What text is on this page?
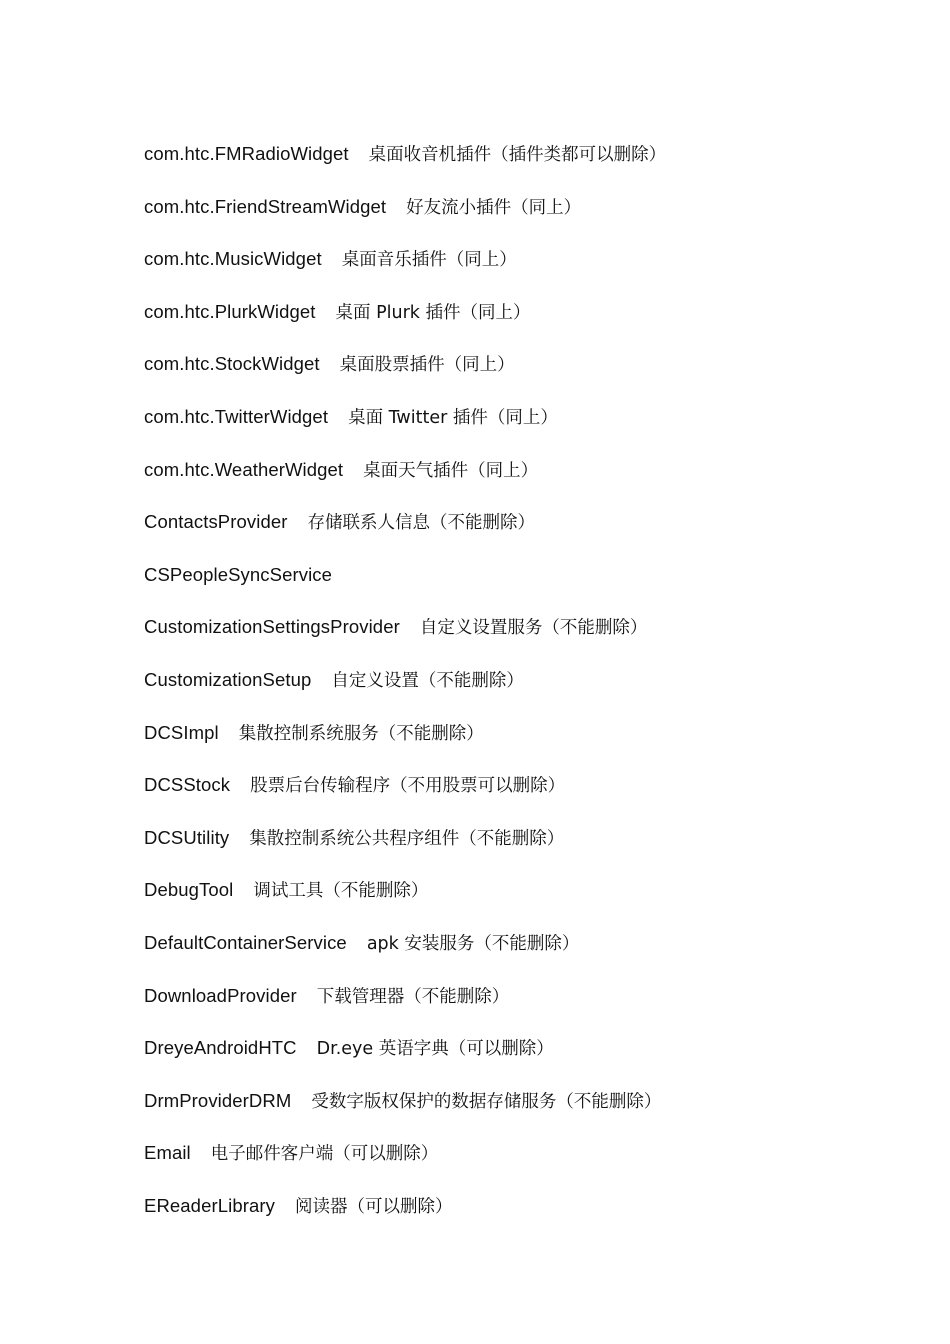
com.htc.FMRadioWidget 桌面收音机插件（插件类都可以删除）
com.htc.FriendStreamWidget 好友流小插件（同上）
com.htc.MusicWidget 桌面音乐插件（同上）
com.htc.PlurkWidget 桌面 Plurk 插件（同上）
com.htc.StockWidget 桌面股票插件（同上）
com.htc.TwitterWidget 桌面 Twitter 插件（同上）
com.htc.WeatherWidget 桌面天气插件（同上）
ContactsProvider 存储联系人信息（不能删除）
CSPeopleSyncService
CustomizationSettingsProvider 自定义设置服务（不能删除）
CustomizationSetup 自定义设置（不能删除）
DCSImpl 集散控制系统服务（不能删除）
DCSStock 股票后台传输程序（不用股票可以删除）
DCSUtility 集散控制系统公共程序组件（不能删除）
DebugTool 调试工具（不能删除）
DefaultContainerService apk 安装服务（不能删除）
DownloadProvider 下载管理器（不能删除）
DreyeAndroidHTC Dr.eye 英语字典（可以删除）
DrmProviderDRM 受数字版权保护的数据存储服务（不能删除）
Email 电子邮件客户端（可以删除）
EReaderLibrary 阅读器（可以删除）
